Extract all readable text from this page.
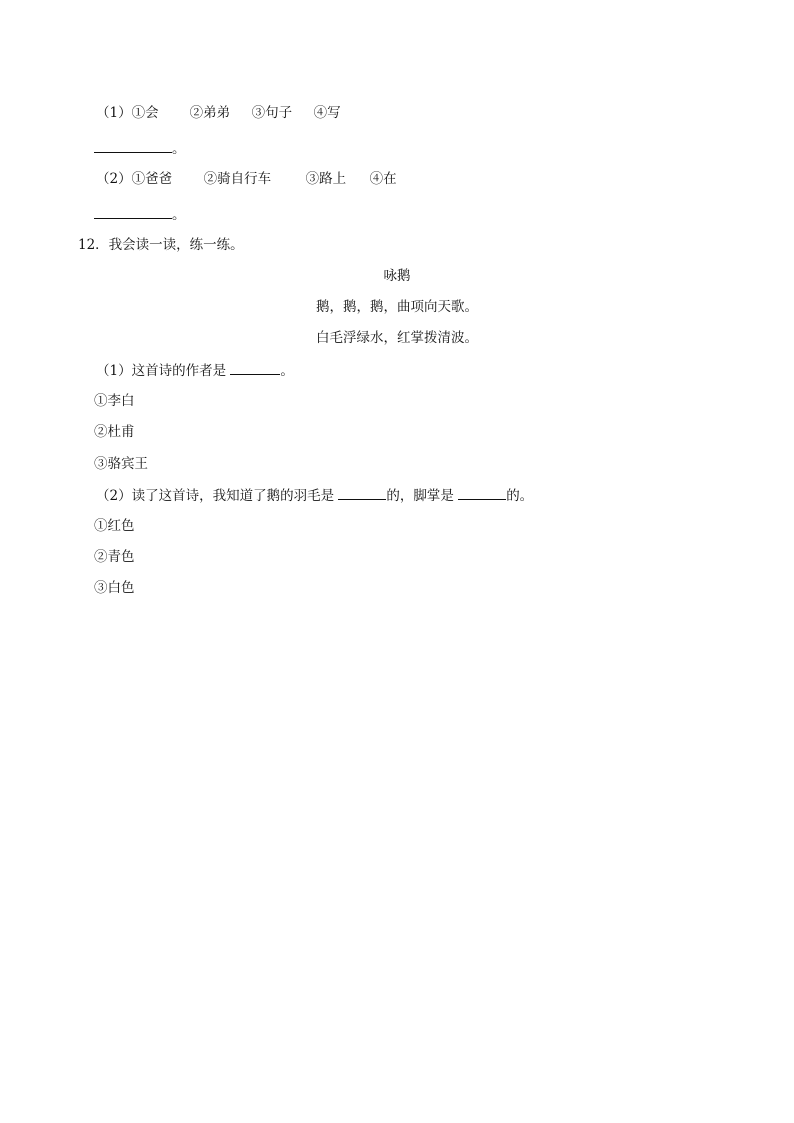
（1）①会 ②弟弟 ③句子 ④写
。
（2）①爸爸 ②骑自行车	③路上 ④在
。
12．我会读一读，练一练。
咏鹅
鹅，鹅，鹅，曲项向天歌。
白毛浮绿水，红掌拨清波。
（1）这首诗的作者是	。
①李白
②杜甫
③骆宾王
（2）读了这首诗，我知道了鹅的羽毛是	的，脚掌是	的。
①红色
②青色
③白色
